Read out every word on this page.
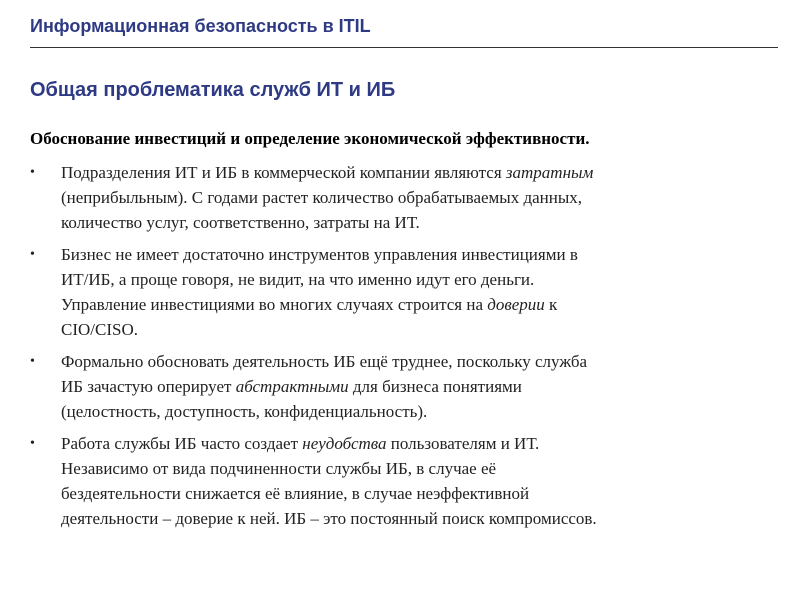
Информационная безопасность в ITIL
Общая проблематика служб ИТ и ИБ
Обоснование инвестиций и определение экономической эффективности.
• Подразделения ИТ и ИБ в коммерческой компании являются затратным
(неприбыльным). С годами растет количество обрабатываемых данных,
количество услуг, соответственно, затраты на ИТ.
• Бизнес не имеет достаточно инструментов управления инвестициями в
ИТ/ИБ, а проще говоря, не видит, на что именно идут его деньги.
Управление инвестициями во многих случаях строится на доверии к
CIO/CISO.
• Формально обосновать деятельность ИБ ещё труднее, поскольку служба
ИБ зачастую оперирует абстрактными для бизнеса понятиями
(целостность, доступность, конфиденциальность).
• Работа службы ИБ часто создает неудобства пользователям и ИТ.
Независимо от вида подчиненности службы ИБ, в случае её
бездеятельности снижается её влияние, в случае неэффективной
деятельности – доверие к ней. ИБ – это постоянный поиск компромиссов.
